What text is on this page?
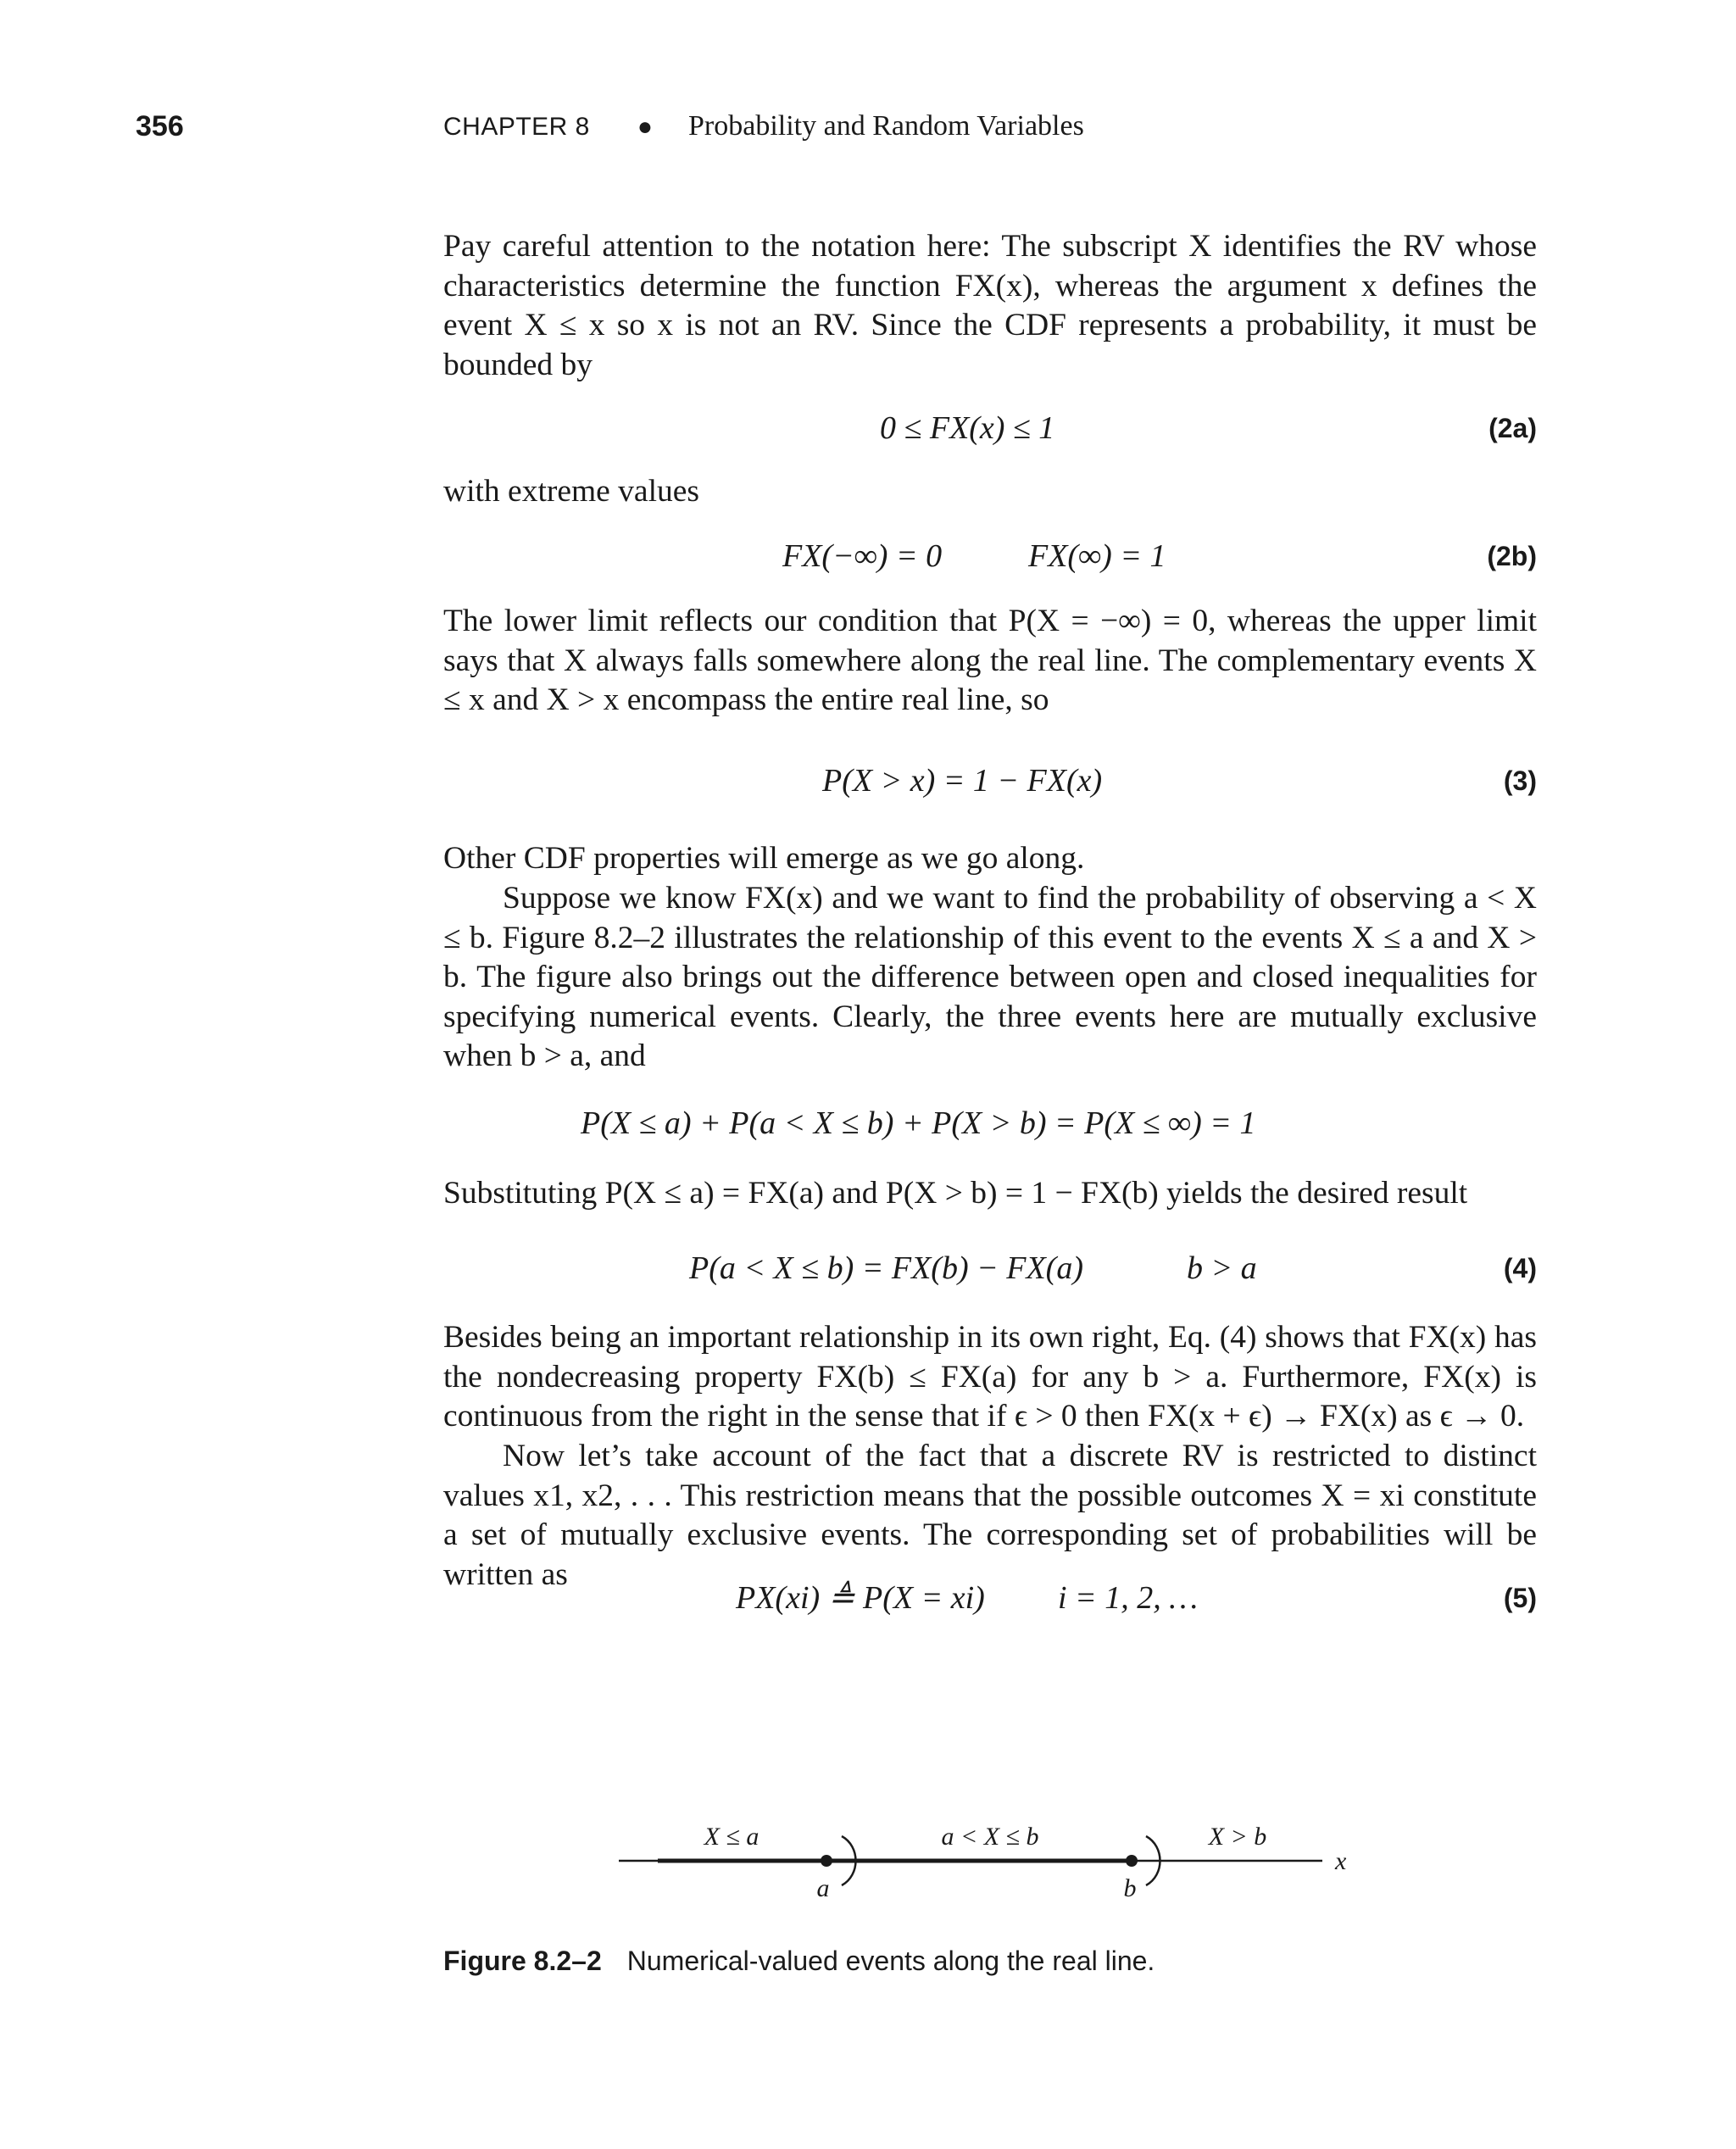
356	CHAPTER 8 ● Probability and Random Variables

Pay careful attention to the notation here: The subscript X identifies the RV whose characteristics determine the function FX(x), whereas the argument x defines the event X ≤ x so x is not an RV. Since the CDF represents a probability, it must be bounded by

0 ≤ FX(x) ≤ 1	(2a)

with extreme values

FX(−∞) = 0	FX(∞) = 1	(2b)

The lower limit reflects our condition that P(X = −∞) = 0, whereas the upper limit says that X always falls somewhere along the real line. The complementary events X ≤ x and X > x encompass the entire real line, so

P(X > x) = 1 − FX(x)	(3)

Other CDF properties will emerge as we go along.

Suppose we know FX(x) and we want to find the probability of observing a < X ≤ b. Figure 8.2–2 illustrates the relationship of this event to the events X ≤ a and X > b. The figure also brings out the difference between open and closed inequalities for specifying numerical events. Clearly, the three events here are mutually exclusive when b > a, and

P(X ≤ a) + P(a < X ≤ b) + P(X > b) = P(X ≤ ∞) = 1

Substituting P(X ≤ a) = FX(a) and P(X > b) = 1 − FX(b) yields the desired result

P(a < X ≤ b) = FX(b) − FX(a)	b > a	(4)

Besides being an important relationship in its own right, Eq. (4) shows that FX(x) has the nondecreasing property FX(b) ≤ FX(a) for any b > a. Furthermore, FX(x) is continuous from the right in the sense that if ϵ > 0 then FX(x + ϵ) → FX(x) as ϵ → 0.

Now let’s take account of the fact that a discrete RV is restricted to distinct values x1, x2, . . . This restriction means that the possible outcomes X = xi constitute a set of mutually exclusive events. The corresponding set of probabilities will be written as

PX(xi) ≜ P(X = xi) i = 1, 2, …	(5)
X ≤ a	a < X ≤ b	X > b
a	b
x
Figure 8.2–2 Numerical-valued events along the real line.
